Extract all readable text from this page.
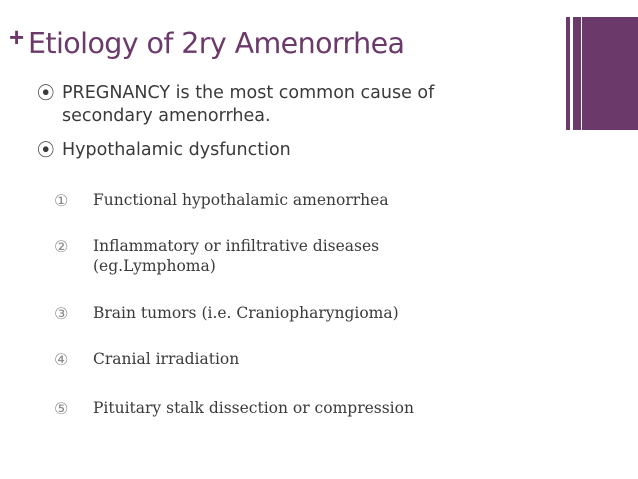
+ Etiology of 2ry Amenorrhea
⦿ PREGNANCY is the most common cause of
secondary amenorrhea.
⦿ Hypothalamic dysfunction
① Functional hypothalamic amenorrhea
② Inflammatory or infiltrative diseases
(eg.Lymphoma)
③ Brain tumors (i.e. Craniopharyngioma)
④ Cranial irradiation
⑤ Pituitary stalk dissection or compression
